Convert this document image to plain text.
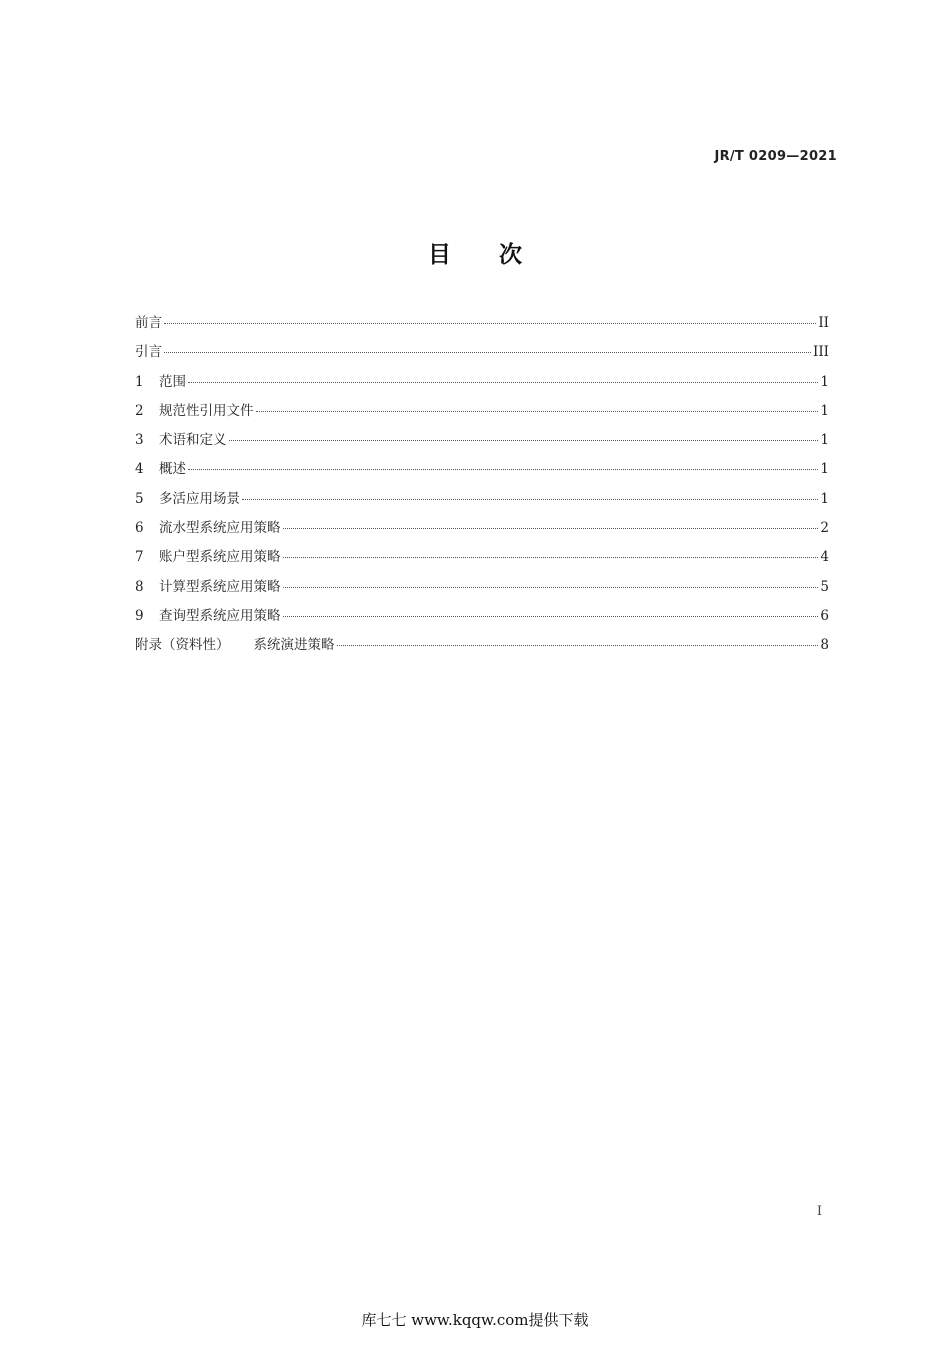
JR/T 0209—2021
目 次
前言	II
引言	III
1	范围	1
2	规范性引用文件	1
3	术语和定义	1
4	概述	1
5	多活应用场景	1
6	流水型系统应用策略	2
7	账户型系统应用策略	4
8	计算型系统应用策略	5
9	查询型系统应用策略	6
附录（资料性） 系统演进策略	8
I
库七七 www.kqqw.com提供下载
